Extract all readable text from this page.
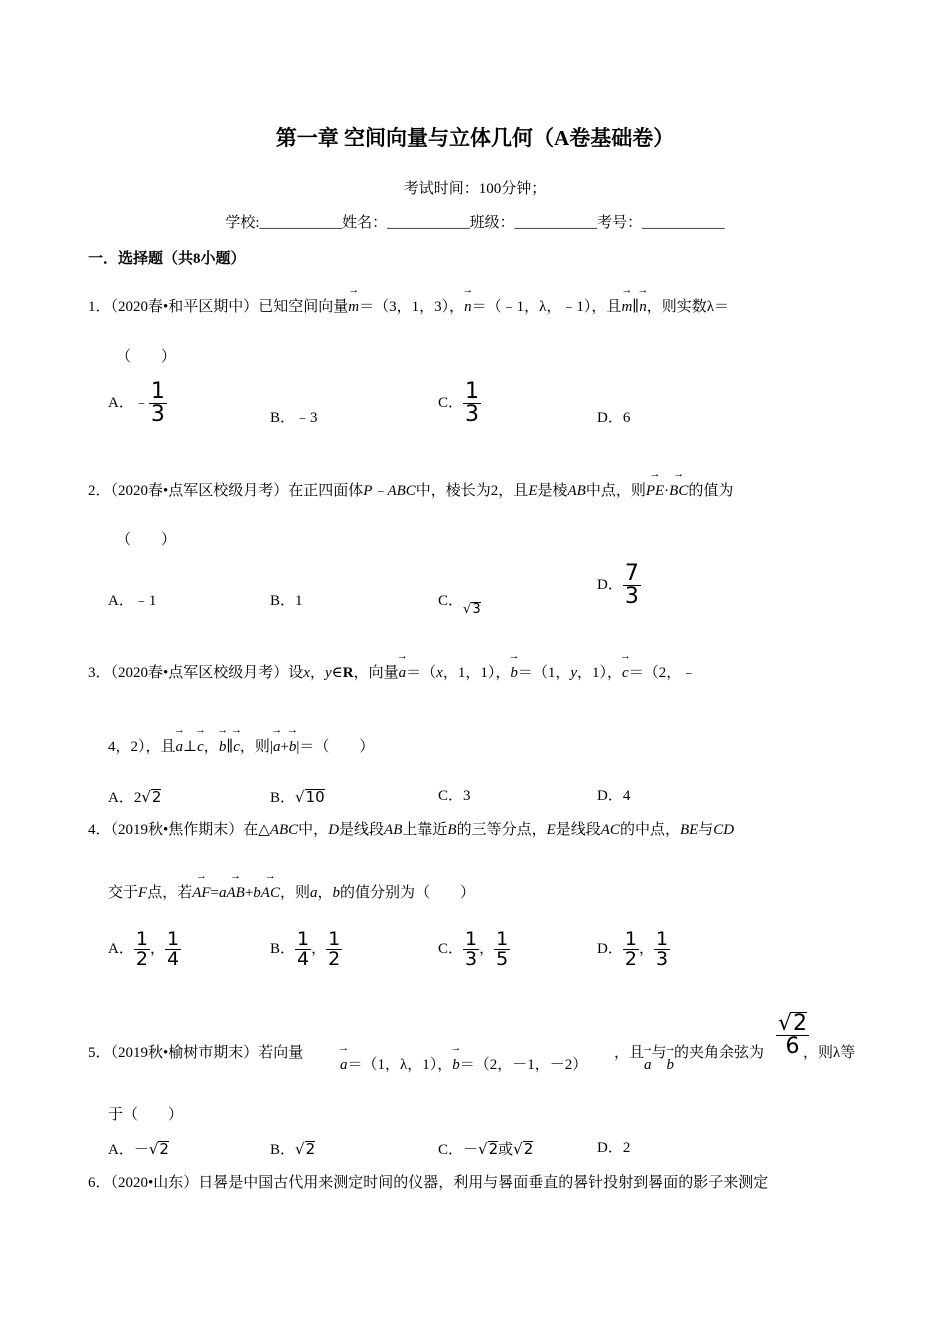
第一章 空间向量与立体几何（A卷基础卷）
考试时间：100分钟；
学校:___________姓名：___________班级：___________考号：___________
一．选择题（共8小题）
1．（2020春•和平区期中）已知空间向量→ m＝（3，1，3），→ n＝（﹣1，λ，﹣1），且→ m∥→ n，则实数λ＝
（　　）
A．﹣ $\frac{1}{3}$	B．﹣3
C． $\frac{1}{3}$	D．6
2．（2020春•点军区校级月考）在正四面体P﹣ABC中，棱长为2，且E是棱AB中点，则→ PE·→ BC的值为
（　　）
A．﹣1	B．1	C．√3
D． $\frac{7}{3}$
3．（2020春•点军区校级月考）设x，y∈R，向量→ a＝（x，1，1），→ b＝（1，y，1），→ c＝（2，﹣
4，2），且→ a⊥→ c，→ b∥→ c，则|→ a+→ b|＝（　　）
A．2√2	B．√10	C．3	D．4
4．（2019秋•焦作期末）在△ABC中，D是线段AB上靠近B的三等分点，E是线段AC的中点，BE与CD
交于F点，若→ AF=a→ AB+b→ AC，则a，b的值分别为（　　）
A． $\frac{1}{2}$ ， $\frac{1}{4}$	B． $\frac{1}{4}$ ， $\frac{1}{2}$	C． $\frac{1}{3}$ ， $\frac{1}{5}$	D． $\frac{1}{2}$ ， $\frac{1}{3}$
5．（2019秋•榆树市期末）若向量
→ a＝（1，λ，1），→ b＝（2，－1，－2）
，且→ a与→ b的夹角余弦为 $\frac{√2}{6}$
，则λ等
于（　　）
A．－√2	B．√2	C．－√2或√2	D．2
6．（2020•山东）日晷是中国古代用来测定时间的仪器，利用与晷面垂直的晷针投射到晷面的影子来测定
